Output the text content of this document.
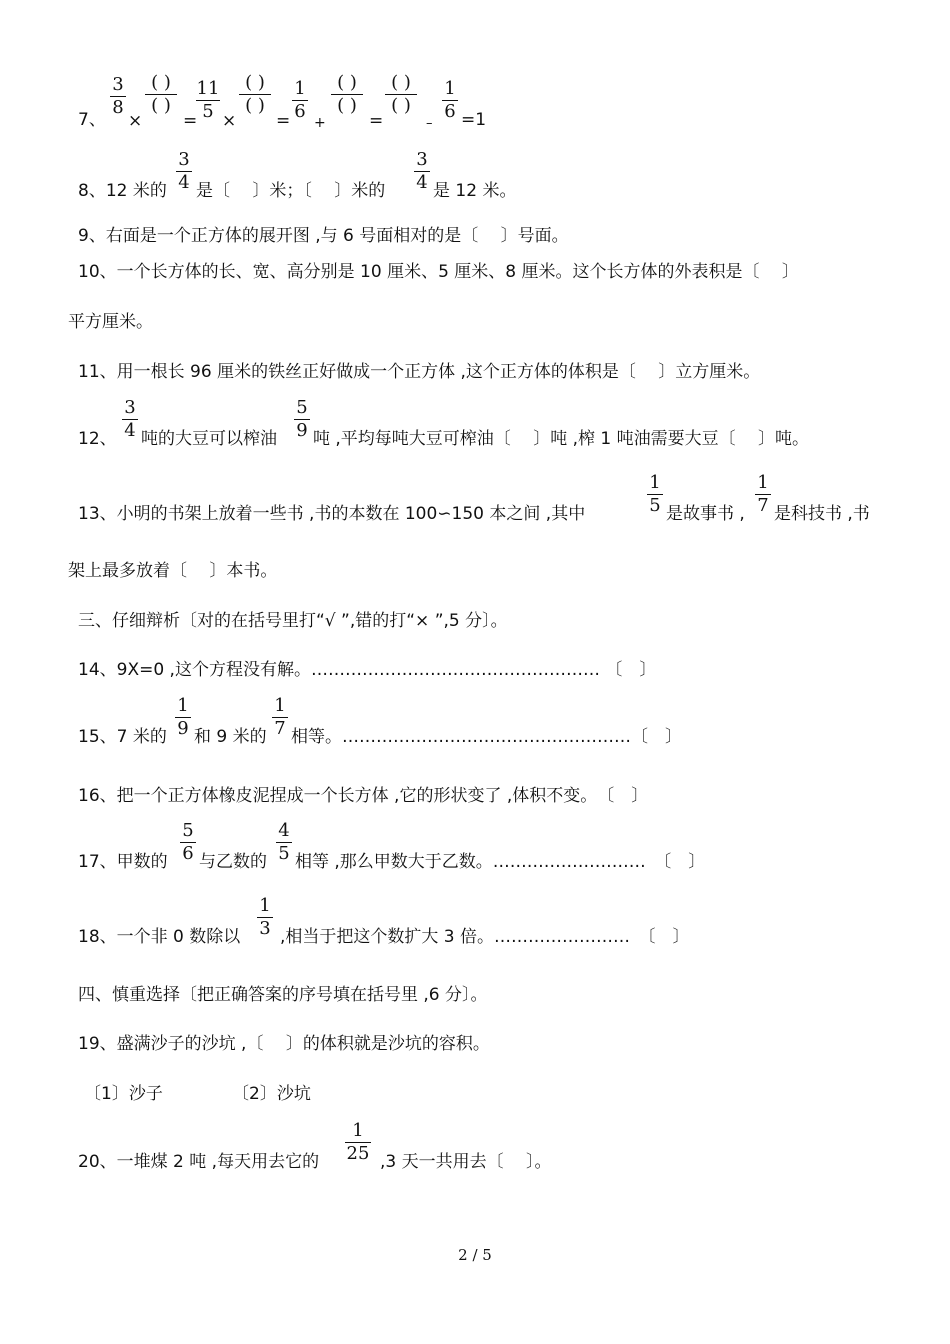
7、
3
8
×
( )
( )
=
11
5 ×
( )
( )
=
1
6
+
( )
( )
=
( )
( )
–
1
6 =1
8、12 米的
3
4 是〔　 〕米；〔　 〕米的
3
4 是 12 米。
9、右面是一个正方体的展开图 ,与 6 号面相对的是〔　 〕号面。
10、一个长方体的长、宽、高分别是 10 厘米、5 厘米、8 厘米。这个长方体的外表积是〔　 〕
平方厘米。
11、用一根长 96 厘米的铁丝正好做成一个正方体 ,这个正方体的体积是〔　 〕立方厘米。
12、
3
4 吨的大豆可以榨油
5
9 吨 ,平均每吨大豆可榨油〔　 〕吨 ,榨 1 吨油需要大豆〔　 〕吨。
13、小明的书架上放着一些书 ,书的本数在 100∽150 本之间 ,其中
1
5 是故事书 ,
1
7 是科技书 ,书
架上最多放着〔　 〕本书。
三、仔细辩析〔对的在括号里打“√ ”,错的打“× ”,5 分〕。
14、9X=0 ,这个方程没有解。…………………………………………… 〔　〕
15、7 米的
1
9 和 9 米的
1
7 相等。……………………………………………〔　〕
16、把一个正方体橡皮泥捏成一个长方体 ,它的形状变了 ,体积不变。　〔　〕
17、甲数的
5
6 与乙数的
4
5 相等 ,那么甲数大于乙数。………………………　〔　〕
18、一个非 0 数除以
1
3 ,相当于把这个数扩大 3 倍。……………………　〔　〕
四、慎重选择〔把正确答案的序号填在括号里 ,6 分〕。
19、盛满沙子的沙坑 ,〔　 〕的体积就是沙坑的容积。
〔1〕沙子	〔2〕沙坑
20、一堆煤 2 吨 ,每天用去它的
1
25 ,3 天一共用去〔　 〕。
2 / 5
